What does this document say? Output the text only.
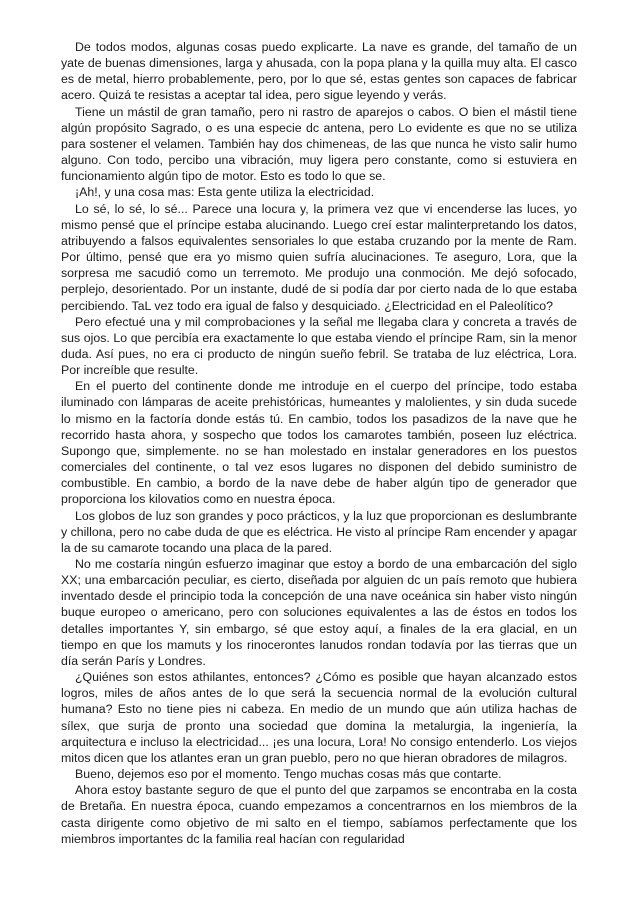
De todos modos, algunas cosas puedo explicarte. La nave es grande, del tamaño de un yate de buenas dimensiones, larga y ahusada, con la popa plana y la quilla muy alta. El casco es de metal, hierro probablemente, pero, por lo que sé, estas gentes son capaces de fabricar acero. Quizá te resistas a aceptar tal idea, pero sigue leyendo y verás.

Tiene un mástil de gran tamaño, pero ni rastro de aparejos o cabos. O bien el mástil tiene algún propósito Sagrado, o es una especie dc antena, pero Lo evidente es que no se utiliza para sostener el velamen. También hay dos chimeneas, de las que nunca he visto salir humo alguno. Con todo, percibo una vibración, muy ligera pero constante, como si estuviera en funcionamiento algún tipo de motor. Esto es todo lo que se.

¡Ah!, y una cosa mas: Esta gente utiliza la electricidad.

Lo sé, lo sé, lo sé... Parece una locura y, la primera vez que vi encenderse las luces, yo mismo pensé que el príncipe estaba alucinando. Luego creí estar malinterpretando los datos, atribuyendo a falsos equivalentes sensoriales lo que estaba cruzando por la mente de Ram. Por último, pensé que era yo mismo quien sufría alucinaciones. Te aseguro, Lora, que la sorpresa me sacudió como un terremoto. Me produjo una conmoción. Me dejó sofocado, perplejo, desorientado. Por un instante, dudé de si podía dar por cierto nada de lo que estaba percibiendo. TaL vez todo era igual de falso y desquiciado. ¿Electricidad en el Paleolítico?

Pero efectué una y mil comprobaciones y la señal me llegaba clara y concreta a través de sus ojos. Lo que percibía era exactamente lo que estaba viendo el príncipe Ram, sin la menor duda. Así pues, no era ci producto de ningún sueño febril. Se trataba de luz eléctrica, Lora. Por increíble que resulte.

En el puerto del continente donde me introduje en el cuerpo del príncipe, todo estaba iluminado con lámparas de aceite prehistóricas, humeantes y malolientes, y sin duda sucede lo mismo en la factoría donde estás tú. En cambio, todos los pasadizos de la nave que he recorrido hasta ahora, y sospecho que todos los camarotes también, poseen luz eléctrica. Supongo que, simplemente. no se han molestado en instalar generadores en los puestos comerciales del continente, o tal vez esos lugares no disponen del debido suministro de combustible. En cambio, a bordo de la nave debe de haber algún tipo de generador que proporciona los kilovatios como en nuestra época.

Los globos de luz son grandes y poco prácticos, y la luz que proporcionan es deslumbrante y chillona, pero no cabe duda de que es eléctrica. He visto al príncipe Ram encender y apagar la de su camarote tocando una placa de la pared.

No me costaría ningún esfuerzo imaginar que estoy a bordo de una embarcación del siglo XX; una embarcación peculiar, es cierto, diseñada por alguien dc un país remoto que hubiera inventado desde el principio toda la concepción de una nave oceánica sin haber visto ningún buque europeo o americano, pero con soluciones equivalentes a las de éstos en todos los detalles importantes Y, sin embargo, sé que estoy aquí, a finales de la era glacial, en un tiempo en que los mamuts y los rinocerontes lanudos rondan todavía por las tierras que un día serán París y Londres.

¿Quiénes son estos athilantes, entonces? ¿Cómo es posible que hayan alcanzado estos logros, miles de años antes de lo que será la secuencia normal de la evolución cultural humana? Esto no tiene pies ni cabeza. En medio de un mundo que aún utiliza hachas de sílex, que surja de pronto una sociedad que domina la metalurgia, la ingeniería, la arquitectura e incluso la electricidad... ¡es una locura, Lora! No consigo entenderlo. Los viejos mitos dicen que los atlantes eran un gran pueblo, pero no que hieran obradores de milagros.

Bueno, dejemos eso por el momento. Tengo muchas cosas más que contarte.

Ahora estoy bastante seguro de que el punto del que zarpamos se encontraba en la costa de Bretaña. En nuestra época, cuando empezamos a concentrarnos en los miembros de la casta dirigente como objetivo de mi salto en el tiempo, sabíamos perfectamente que los miembros importantes dc la familia real hacían con regularidad
